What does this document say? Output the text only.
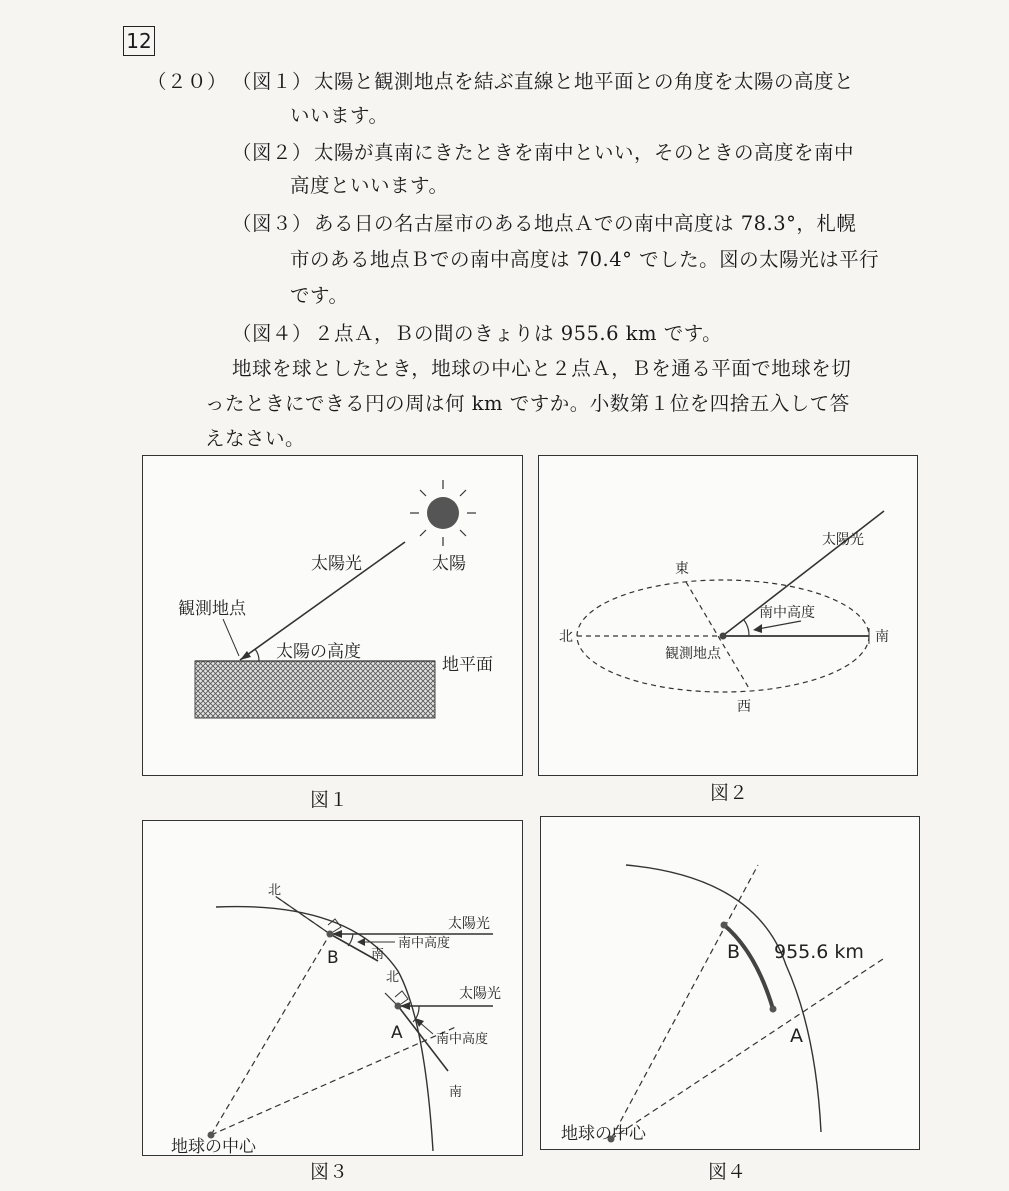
12
（２０） （図１） 太陽と観測地点を結ぶ直線と地平面との角度を太陽の高度と
いいます。
（図２） 太陽が真南にきたときを南中といい，そのときの高度を南中
高度といいます。
（図３） ある日の名古屋市のある地点Ａでの南中高度は 78.3°，札幌
市のある地点Ｂでの南中高度は 70.4° でした。図の太陽光は平行
です。
（図４） ２点Ａ，Ｂの間のきょりは 955.6 km です。
地球を球としたとき，地球の中心と２点Ａ，Ｂを通る平面で地球を切
ったときにできる円の周は何 km ですか。小数第１位を四捨五入して答
えなさい。
太陽光	太陽
観測地点
太陽の高度
地平面
図１
太陽光
東
南中高度
北	南
観測地点
西
図２
北
太陽光
南中高度
B 南
北
太陽光
南中高度
A
南
地球の中心
図３
B 955.6 km
A
地球の中心
図４
